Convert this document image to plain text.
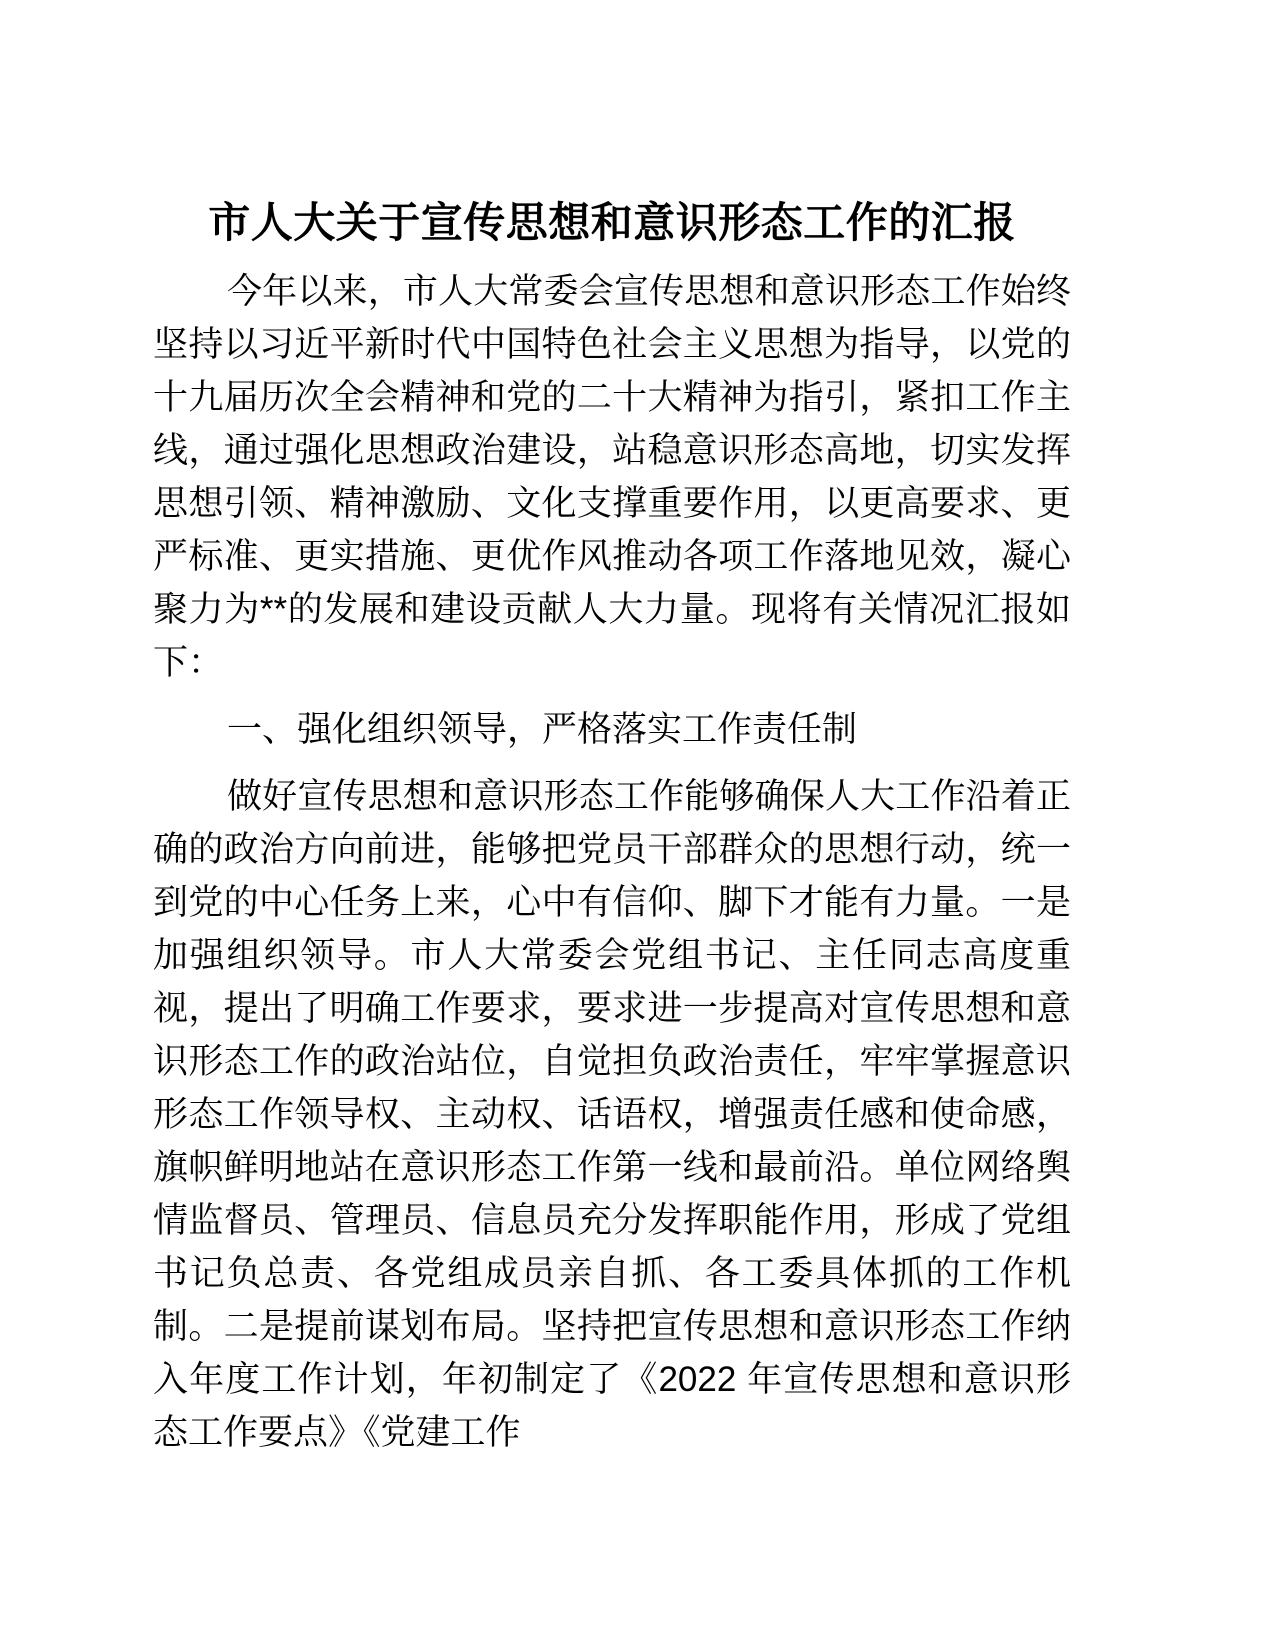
市人大关于宣传思想和意识形态工作的汇报

今年以来，市人大常委会宣传思想和意识形态工作始终坚持以习近平新时代中国特色社会主义思想为指导，以党的十九届历次全会精神和党的二十大精神为指引，紧扣工作主线，通过强化思想政治建设，站稳意识形态高地，切实发挥思想引领、精神激励、文化支撑重要作用，以更高要求、更严标准、更实措施、更优作风推动各项工作落地见效，凝心聚力为**的发展和建设贡献人大力量。现将有关情况汇报如下：

一、强化组织领导，严格落实工作责任制

做好宣传思想和意识形态工作能够确保人大工作沿着正确的政治方向前进，能够把党员干部群众的思想行动，统一到党的中心任务上来，心中有信仰、脚下才能有力量。一是加强组织领导。市人大常委会党组书记、主任同志高度重视，提出了明确工作要求，要求进一步提高对宣传思想和意识形态工作的政治站位，自觉担负政治责任，牢牢掌握意识形态工作领导权、主动权、话语权，增强责任感和使命感，旗帜鲜明地站在意识形态工作第一线和最前沿。单位网络舆情监督员、管理员、信息员充分发挥职能作用，形成了党组书记负总责、各党组成员亲自抓、各工委具体抓的工作机制。二是提前谋划布局。坚持把宣传思想和意识形态工作纳入年度工作计划，年初制定了《2022 年宣传思想和意识形态工作要点》《党建工作
